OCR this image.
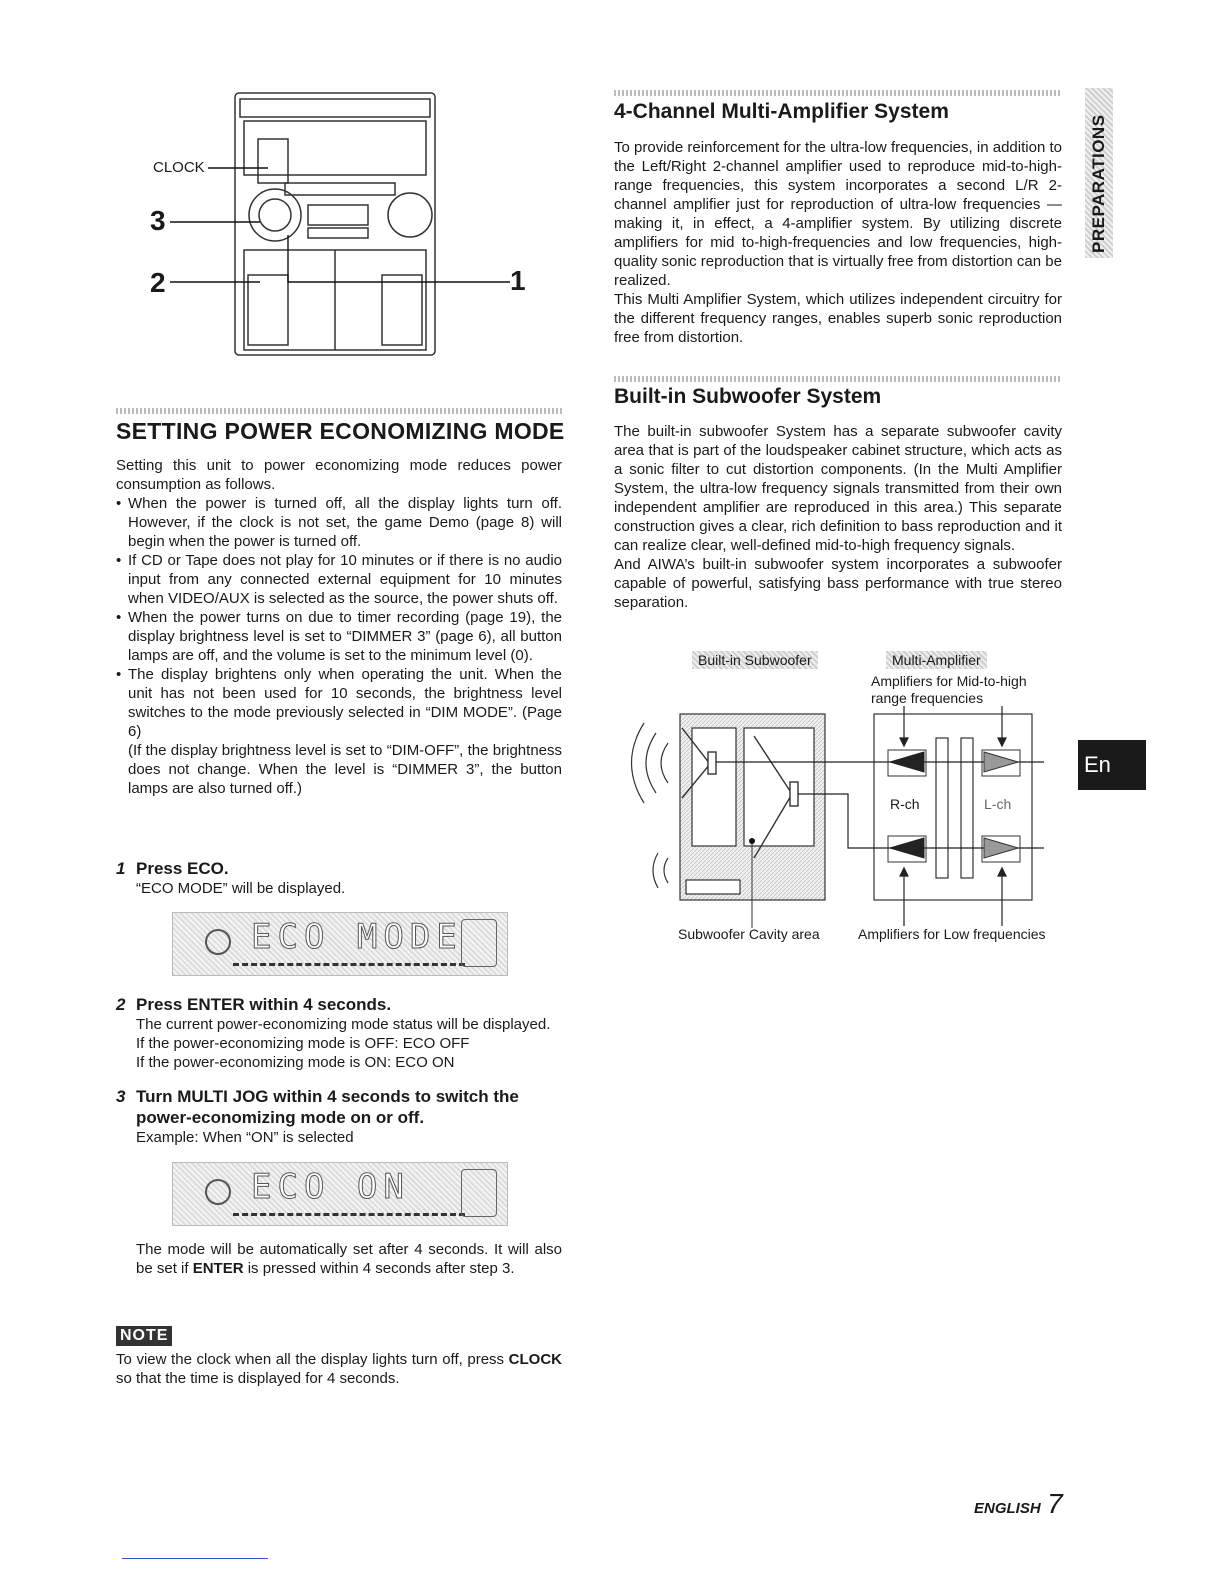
CLOCK
3
2	1
SETTING POWER ECONOMIZING MODE

Setting this unit to power economizing mode reduces power consumption as follows.

• When the power is turned off, all the display lights turn off. However, if the clock is not set, the game Demo (page 8) will begin when the power is turned off.

• If CD or Tape does not play for 10 minutes or if there is no audio input from any connected external equipment for 10 minutes when VIDEO/AUX is selected as the source, the power shuts off.

• When the power turns on due to timer recording (page 19), the display brightness level is set to “DIMMER 3” (page 6), all button lamps are off, and the volume is set to the minimum level (0).

• The display brightens only when operating the unit. When the unit has not been used for 10 seconds, the brightness level switches to the mode previously selected in “DIM MODE”. (Page 6)

(If the display brightness level is set to “DIM-OFF”, the brightness does not change. When the level is “DIMMER 3”, the button lamps are also turned off.)

1 Press ECO.

“ECO MODE” will be displayed.

ECO MODE
2 Press ENTER within 4 seconds.

The current power-economizing mode status will be displayed.

If the power-economizing mode is OFF: ECO OFF

If the power-economizing mode is ON: ECO ON

3 Turn MULTI JOG within 4 seconds to switch the power-economizing mode on or off.

Example: When “ON” is selected

ECO ON

The mode will be automatically set after 4 seconds. It will also be set if ENTER is pressed within 4 seconds after step 3.

NOTE

To view the clock when all the display lights turn off, press CLOCK so that the time is displayed for 4 seconds.

4-Channel Multi-Amplifier System

To provide reinforcement for the ultra-low frequencies, in addition to the Left/Right 2-channel amplifier used to reproduce mid-to-high-range frequencies, this system incorporates a second L/R 2-channel amplifier just for reproduction of ultra-low frequencies — making it, in effect, a 4-amplifier system. By utilizing discrete amplifiers for mid to-high-frequencies and low frequencies, high-quality sonic reproduction that is virtually free from distortion can be realized.

This Multi Amplifier System, which utilizes independent circuitry for the different frequency ranges, enables superb sonic reproduction free from distortion.

Built-in Subwoofer System

The built-in subwoofer System has a separate subwoofer cavity area that is part of the loudspeaker cabinet structure, which acts as a sonic filter to cut distortion components. (In the Multi Amplifier System, the ultra-low frequency signals transmitted from their own independent amplifier are reproduced in this area.) This separate construction gives a clear, rich definition to bass reproduction and it can realize clear, well-defined mid-to-high frequency signals.

And AIWA’s built-in subwoofer system incorporates a subwoofer capable of powerful, satisfying bass performance with true stereo separation.

Built-in Subwoofer	Multi-Amplifier
Amplifiers for Mid-to-high
range frequencies
R-ch	L-ch
Subwoofer Cavity area	Amplifiers for Low frequencies
PREPARATIONS
En
ENGLISH 7
